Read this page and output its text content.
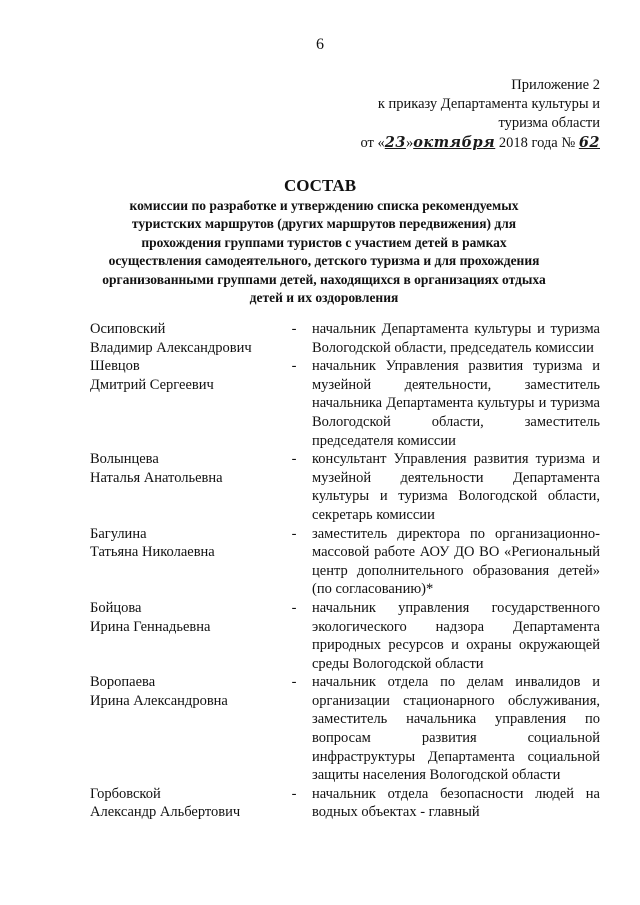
6
Приложение 2
к приказу Департамента культуры и
туризма области
от «23»октября 2018 года № 62
СОСТАВ
комиссии по разработке и утверждению списка рекомендуемых туристских маршрутов (других маршрутов передвижения) для прохождения группами туристов с участием детей в рамках осуществления самодеятельного, детского туризма и для прохождения организованными группами детей, находящихся в организациях отдыха детей и их оздоровления
Осиповский
Владимир Александрович
-	начальник Департамента культуры и туризма Вологодской области, председатель комиссии
Шевцов
Дмитрий Сергеевич
-	начальник Управления развития туризма и музейной деятельности, заместитель начальника Департамента культуры и туризма Вологодской области, заместитель председателя комиссии
Волынцева
Наталья Анатольевна
-	консультант Управления развития туризма и музейной деятельности Департамента культуры и туризма Вологодской области, секретарь комиссии
Багулина
Татьяна Николаевна
-	заместитель директора по организационно-массовой работе АОУ ДО ВО «Региональный центр дополнительного образования детей» (по согласованию)*
Бойцова
Ирина Геннадьевна
-	начальник управления государственного экологического надзора Департамента природных ресурсов и охраны окружающей среды Вологодской области
Воропаева
Ирина Александровна
-	начальник отдела по делам инвалидов и организации стационарного обслуживания, заместитель начальника управления по вопросам развития социальной инфраструктуры Департамента социальной защиты населения Вологодской области
Горбовской
Александр Альбертович
-	начальник отдела безопасности людей на водных объектах - главный
